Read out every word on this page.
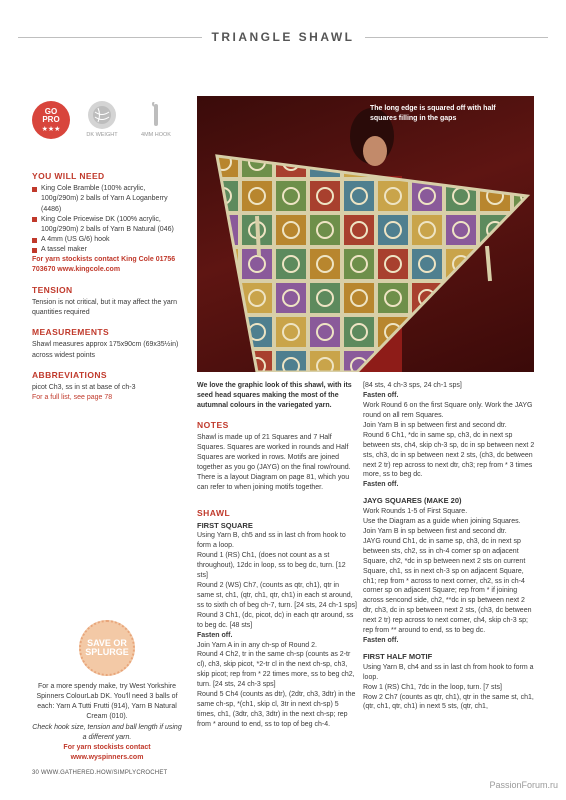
TRIANGLE SHAWL
GO
PRO
★★★
DK WEIGHT	4MM HOOK
YOU WILL NEED
King Cole Bramble (100% acrylic, 100g/290m) 2 balls of Yarn A Loganberry (4486)
King Cole Pricewise DK (100% acrylic, 100g/290m) 2 balls of Yarn B Natural (046)
A 4mm (US G/6) hook
A tassel maker
For yarn stockists contact King Cole 01756 703670 www.kingcole.com
TENSION
Tension is not critical, but it may affect the yarn quantities required
MEASUREMENTS
Shawl measures approx 175x90cm (69x35½in) across widest points
ABBREVIATIONS
picot Ch3, ss in st at base of ch-3
For a full list, see page 78
The long edge is squared off with half squares filling in the gaps
SAVE OR SPLURGE

For a more spendy make, try West Yorkshire Spinners ColourLab DK. You'll need 3 balls of each: Yarn A Tutti Frutti (914), Yarn B Natural Cream (010).

Check hook size, tension and ball length if using a different yarn.

For yarn stockists contact www.wyspinners.com

We love the graphic look of this shawl, with its seed head squares making the most of the autumnal colours in the variegated yarn.

NOTES

Shawl is made up of 21 Squares and 7 Half Squares. Squares are worked in rounds and Half Squares are worked in rows. Motifs are joined together as you go (JAYG) on the final row/round. There is a layout Diagram on page 81, which you can refer to when joining motifs together.

SHAWL
FIRST SQUARE

Using Yarn B, ch5 and ss in last ch from hook to form a loop.

Round 1 (RS) Ch1, (does not count as a st throughout), 12dc in loop, ss to beg dc, turn. [12 sts]

Round 2 (WS) Ch7, (counts as qtr, ch1), qtr in same st, ch1, (qtr, ch1, qtr, ch1) in each st around, ss to sixth ch of beg ch-7, turn. [24 sts, 24 ch-1 sps]

Round 3 Ch1, (dc, picot, dc) in each qtr around, ss to beg dc. [48 sts]

Fasten off.

Join Yarn A in in any ch-sp of Round 2.

Round 4 Ch2, tr in the same ch-sp (counts as 2-tr cl), ch3, skip picot, *2-tr cl in the next ch-sp, ch3, skip picot; rep from * 22 times more, ss to beg ch2, turn. [24 sts, 24 ch-3 sps]

Round 5 Ch4 (counts as dtr), (2dtr, ch3, 3dtr) in the same ch-sp, *(ch1, skip cl, 3tr in next ch-sp) 5 times, ch1, (3dtr, ch3, 3dtr) in the next ch-sp; rep from * around to end, ss to top of beg ch-4.

[84 sts, 4 ch-3 sps, 24 ch-1 sps]

Fasten off.

Work Round 6 on the first Square only. Work the JAYG round on all rem Squares.

Join Yarn B in sp between first and second dtr.

Round 6 Ch1, *dc in same sp, ch3, dc in next sp between sts, ch4, skip ch-3 sp, dc in sp between next 2 sts, ch3, dc in sp between next 2 sts, (ch3, dc between next 2 tr) rep across to next dtr, ch3; rep from * 3 times more, ss to beg dc.

Fasten off.

JAYG SQUARES (MAKE 20)

Work Rounds 1-5 of First Square.

Use the Diagram as a guide when joining Squares.

Join Yarn B in sp between first and second dtr.

JAYG round Ch1, dc in same sp, ch3, dc in next sp between sts, ch2, ss in ch-4 corner sp on adjacent Square, ch2, *dc in sp between next 2 sts on current Square, ch1, ss in next ch-3 sp on adjacent Square, ch1; rep from * across to next corner, ch2, ss in ch-4 corner sp on adjacent Square; rep from * if joining across sencond side, ch2, **dc in sp between next 2 dtr, ch3, dc in sp between next 2 sts, (ch3, dc between next 2 tr) rep across to next corner, ch4, skip ch-3 sp; rep from ** around to end, ss to beg dc.

Fasten off.

FIRST HALF MOTIF

Using Yarn B, ch4 and ss in last ch from hook to form a loop.

Row 1 (RS) Ch1, 7dc in the loop, turn. [7 sts]

Row 2 Ch7 (counts as qtr, ch1), qtr in the same st, ch1, (qtr, ch1, qtr, ch1) in next 5 sts, (qtr, ch1,

30 WWW.GATHERED.HOW/SIMPLYCROCHET
PassionForum.ru
